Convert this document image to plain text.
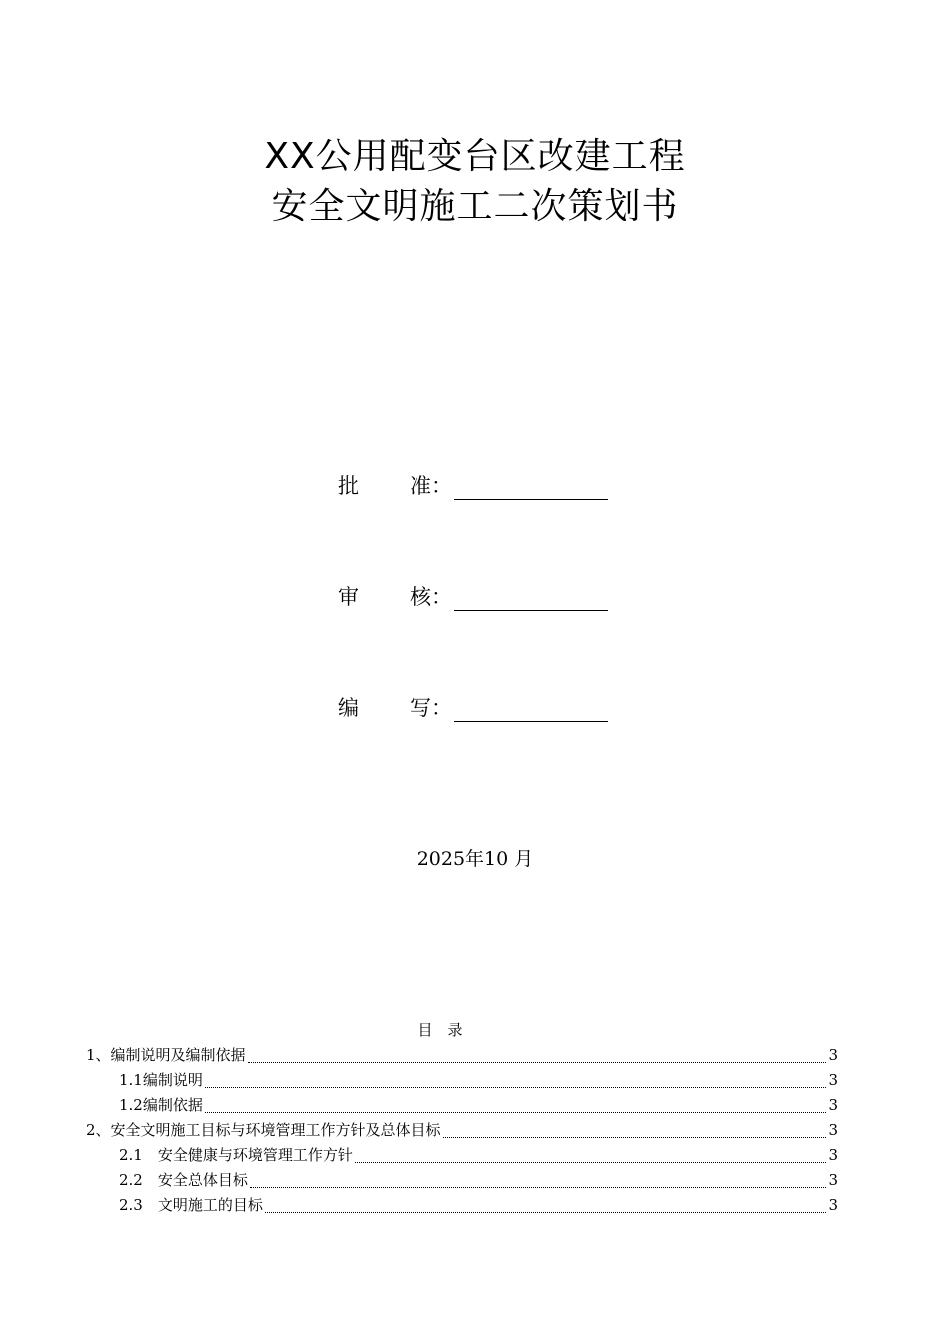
XX公用配变台区改建工程
安全文明施工二次策划书
批	准：
审	核：
编	写：
2025年10 月
目　录
1、 编制说明及编制依据	3
1.1 编制说明	3
1.2 编制依据	3
2、 安全文明施工目标与环境管理工作方针及总体目标	3
2.1　 安全健康与环境管理工作方针	3
2.2　 安全总体目标	3
2.3　 文明施工的目标	3
